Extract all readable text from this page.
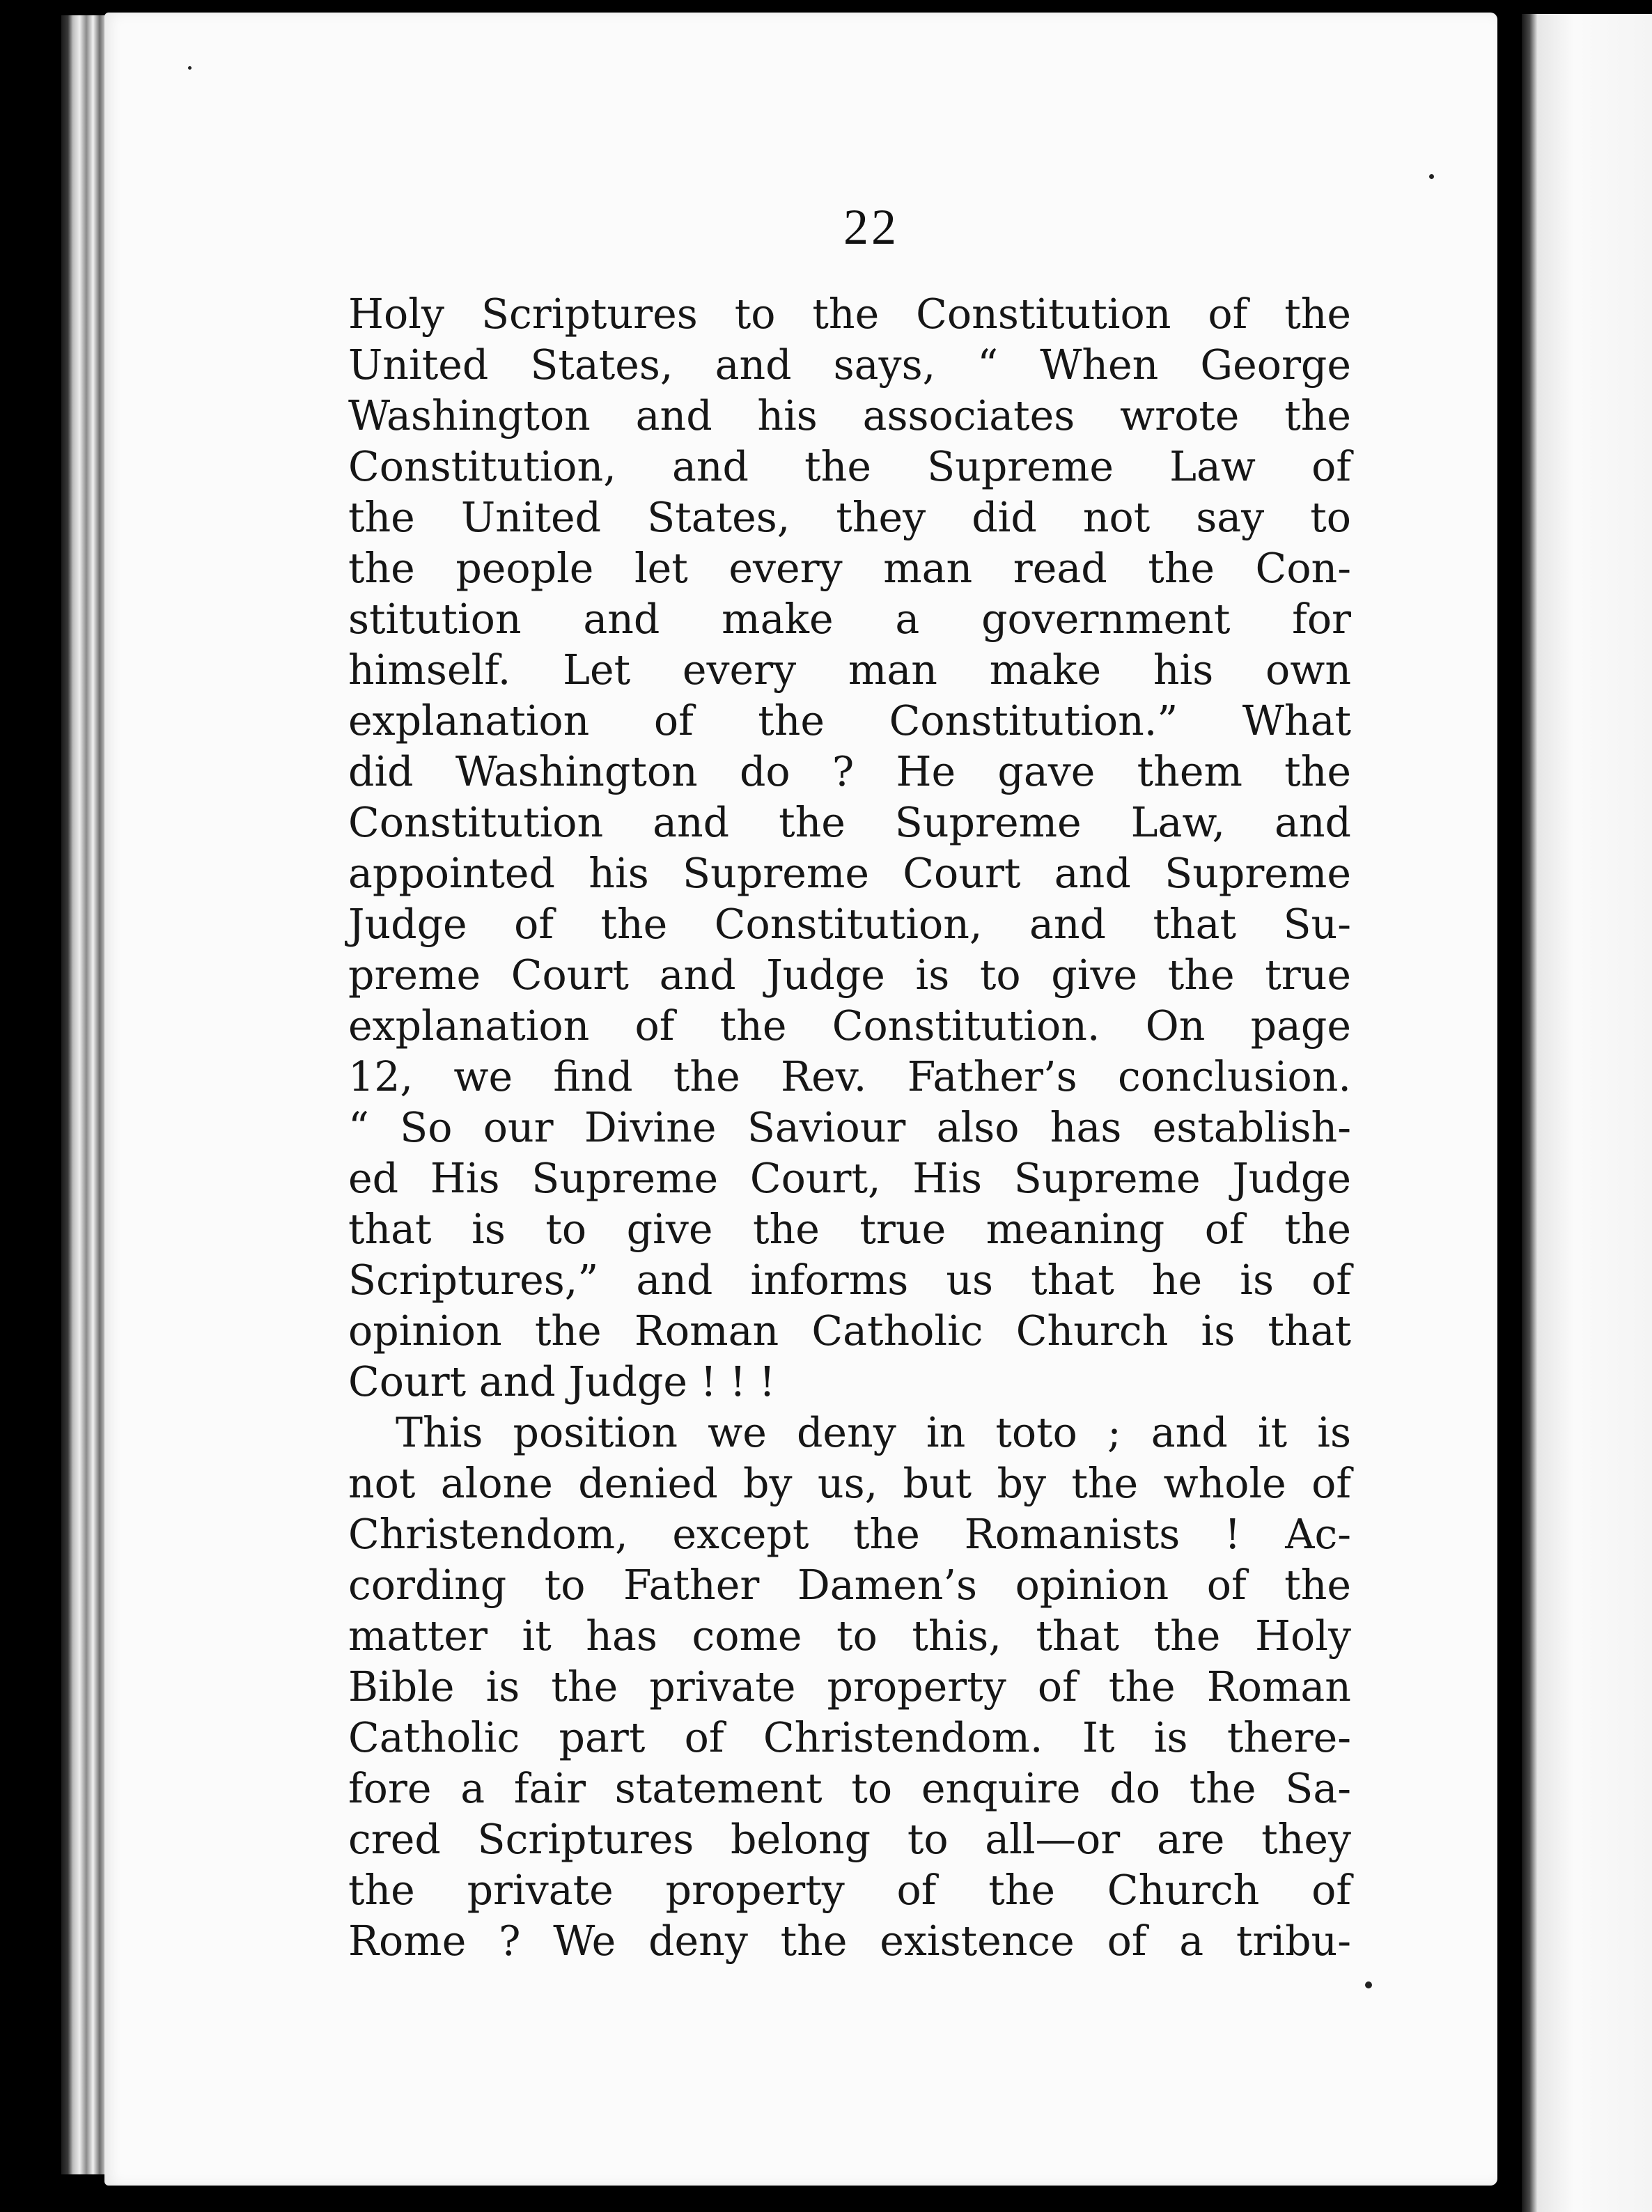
22
Holy Scriptures to the Constitution of the
United States, and says, “ When George
Washington and his associates wrote the
Constitution, and the Supreme Law of
the United States, they did not say to
the people let every man read the Con-
stitution and make a government for
himself. Let every man make his own
explanation of the Constitution.” What
did Washington do ? He gave them the
Constitution and the Supreme Law, and
appointed his Supreme Court and Supreme
Judge of the Constitution, and that Su-
preme Court and Judge is to give the true
explanation of the Constitution. On page
12, we find the Rev. Father’s conclusion.
“ So our Divine Saviour also has establish-
ed His Supreme Court, His Supreme Judge
that is to give the true meaning of the
Scriptures,” and informs us that he is of
opinion the Roman Catholic Church is that
Court and Judge ! ! !
This position we deny in toto ; and it is
not alone denied by us, but by the whole of
Christendom, except the Romanists ! Ac-
cording to Father Damen’s opinion of the
matter it has come to this, that the Holy
Bible is the private property of the Roman
Catholic part of Christendom. It is there-
fore a fair statement to enquire do the Sa-
cred Scriptures belong to all—or are they
the private property of the Church of
Rome ? We deny the existence of a tribu-
